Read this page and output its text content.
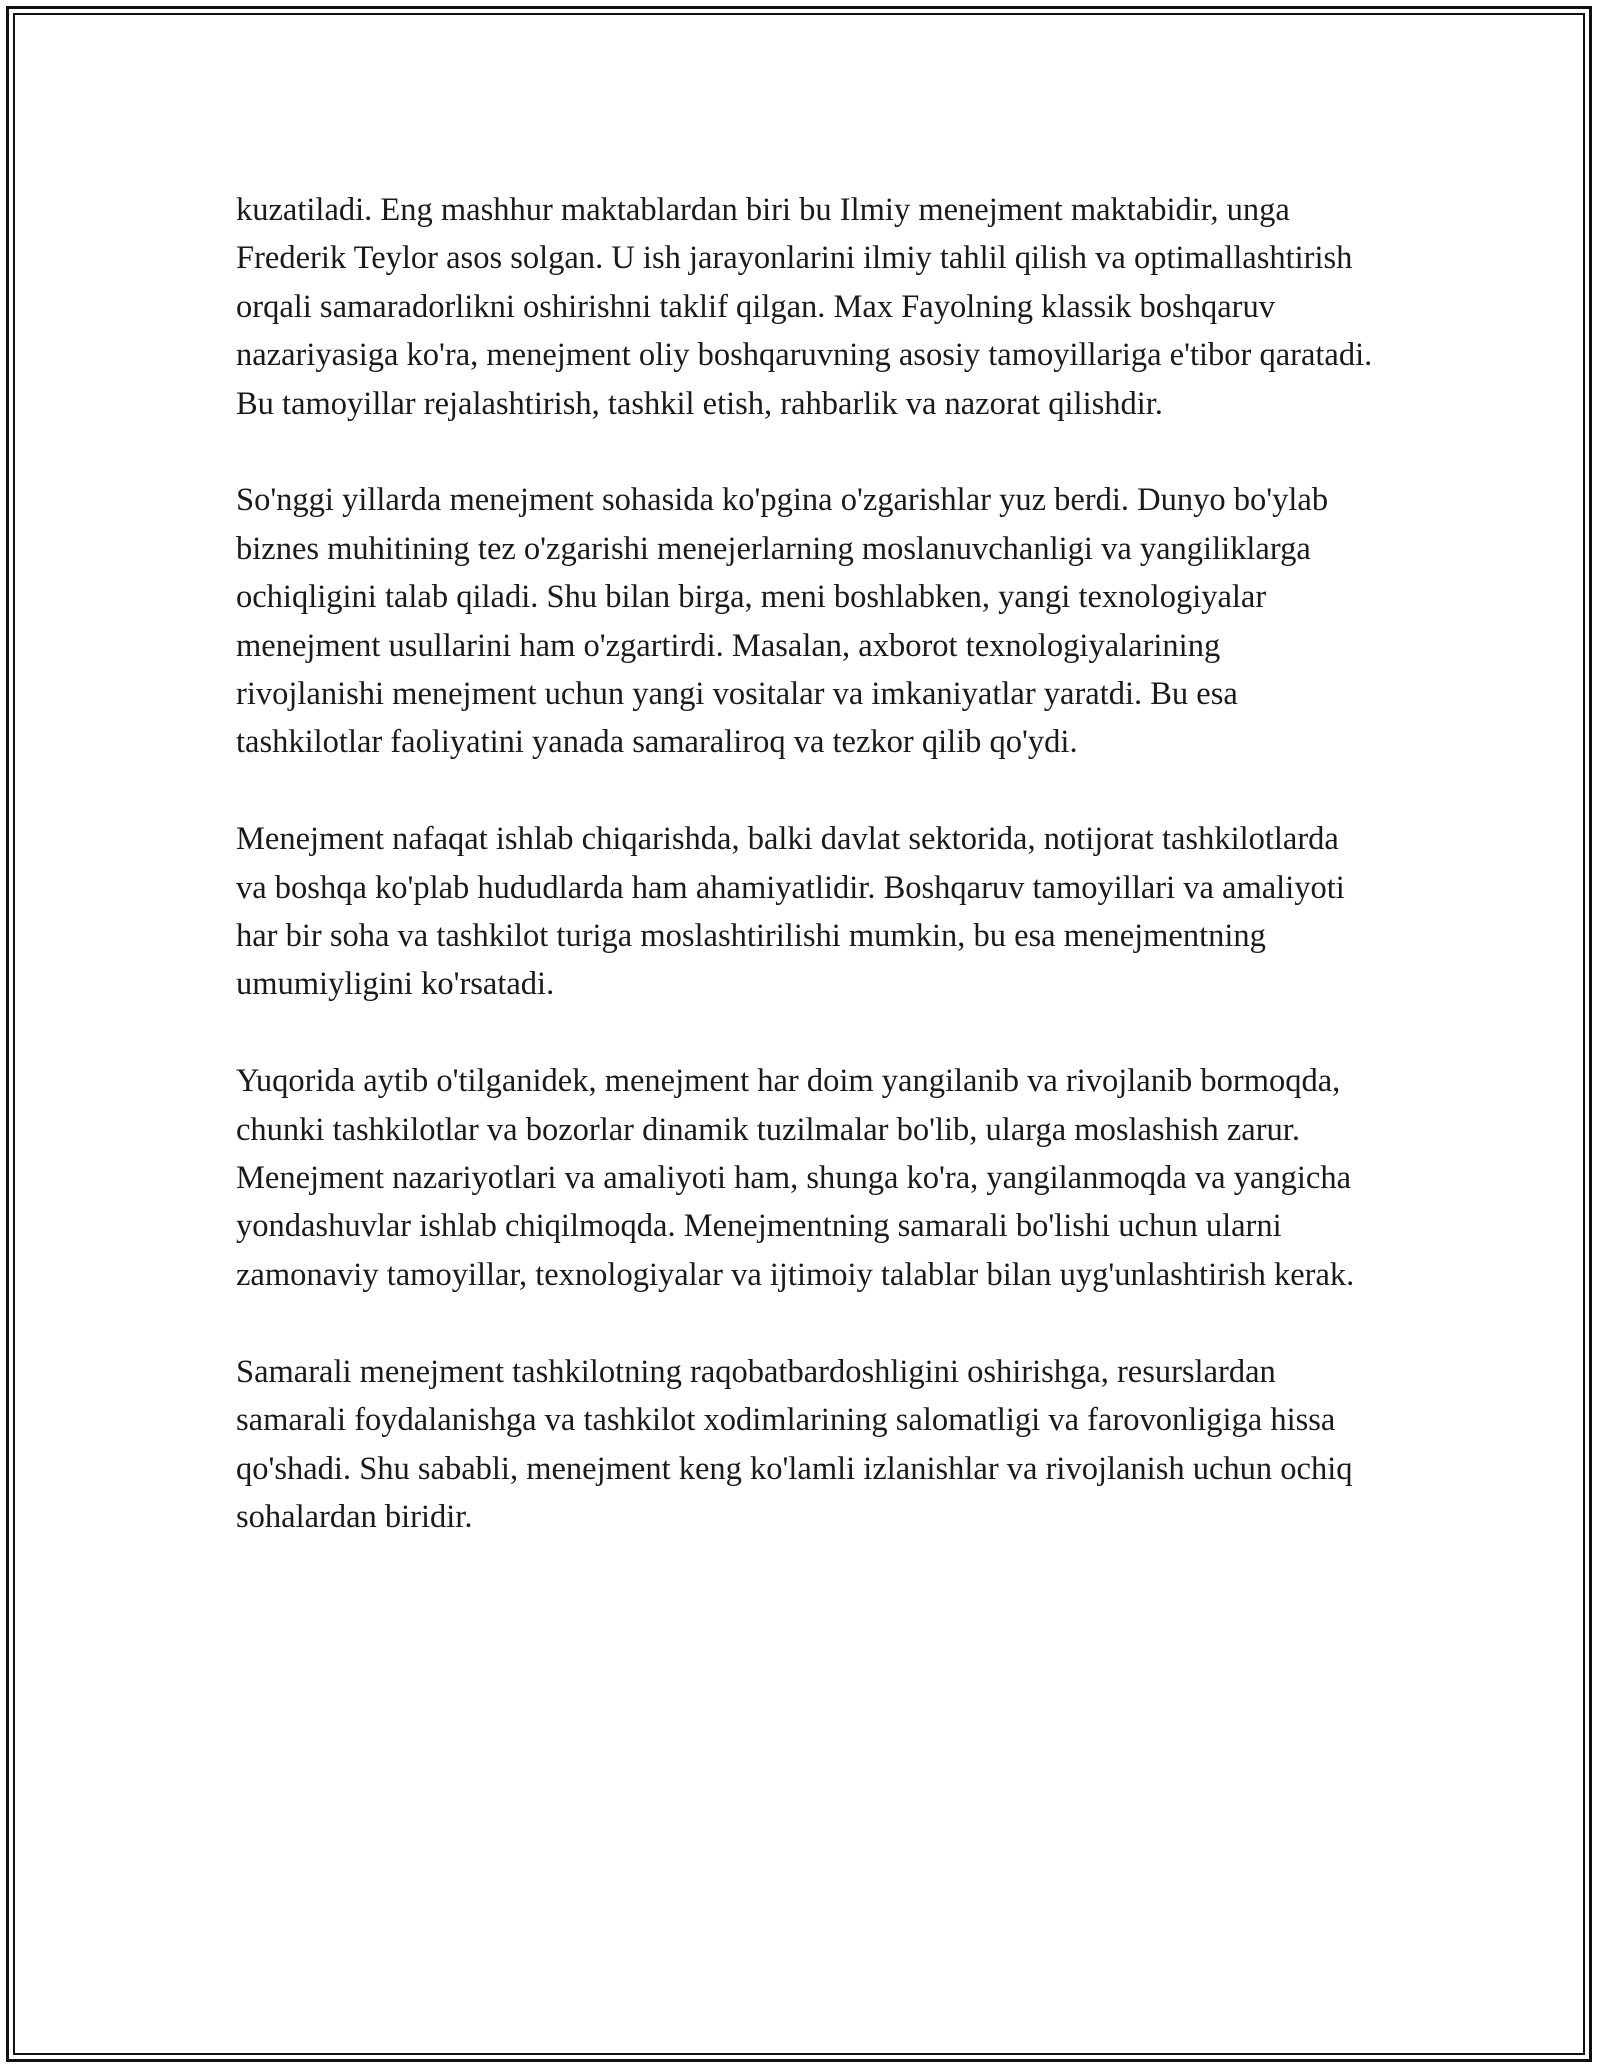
kuzatiladi. Eng mashhur maktablardan biri bu Ilmiy menejment maktabidir, unga Frederik Teylor asos solgan. U ish jarayonlarini ilmiy tahlil qilish va optimallashtirish orqali samaradorlikni oshirishni taklif qilgan. Max Fayolning klassik boshqaruv nazariyasiga ko'ra, menejment oliy boshqaruvning asosiy tamoyillariga e'tibor qaratadi. Bu tamoyillar rejalashtirish, tashkil etish, rahbarlik va nazorat qilishdir.

So'nggi yillarda menejment sohasida ko'pgina o'zgarishlar yuz berdi. Dunyo bo'ylab biznes muhitining tez o'zgarishi menejerlarning moslanuvchanligi va yangiliklarga ochiqligini talab qiladi. Shu bilan birga, meni boshlabken, yangi texnologiyalar menejment usullarini ham o'zgartirdi. Masalan, axborot texnologiyalarining rivojlanishi menejment uchun yangi vositalar va imkaniyatlar yaratdi. Bu esa tashkilotlar faoliyatini yanada samaraliroq va tezkor qilib qo'ydi.

Menejment nafaqat ishlab chiqarishda, balki davlat sektorida, notijorat tashkilotlarda va boshqa ko'plab hududlarda ham ahamiyatlidir. Boshqaruv tamoyillari va amaliyoti har bir soha va tashkilot turiga moslashtirilishi mumkin, bu esa menejmentning umumiyligini ko'rsatadi.

Yuqorida aytib o'tilganidek, menejment har doim yangilanib va rivojlanib bormoqda, chunki tashkilotlar va bozorlar dinamik tuzilmalar bo'lib, ularga moslashish zarur. Menejment nazariyotlari va amaliyoti ham, shunga ko'ra, yangilanmoqda va yangicha yondashuvlar ishlab chiqilmoqda. Menejmentning samarali bo'lishi uchun ularni zamonaviy tamoyillar, texnologiyalar va ijtimoiy talablar bilan uyg'unlashtirish kerak.

Samarali menejment tashkilotning raqobatbardoshligini oshirishga, resurslardan samarali foydalanishga va tashkilot xodimlarining salomatligi va farovonligiga hissa qo'shadi. Shu sababli, menejment keng ko'lamli izlanishlar va rivojlanish uchun ochiq sohalardan biridir.
